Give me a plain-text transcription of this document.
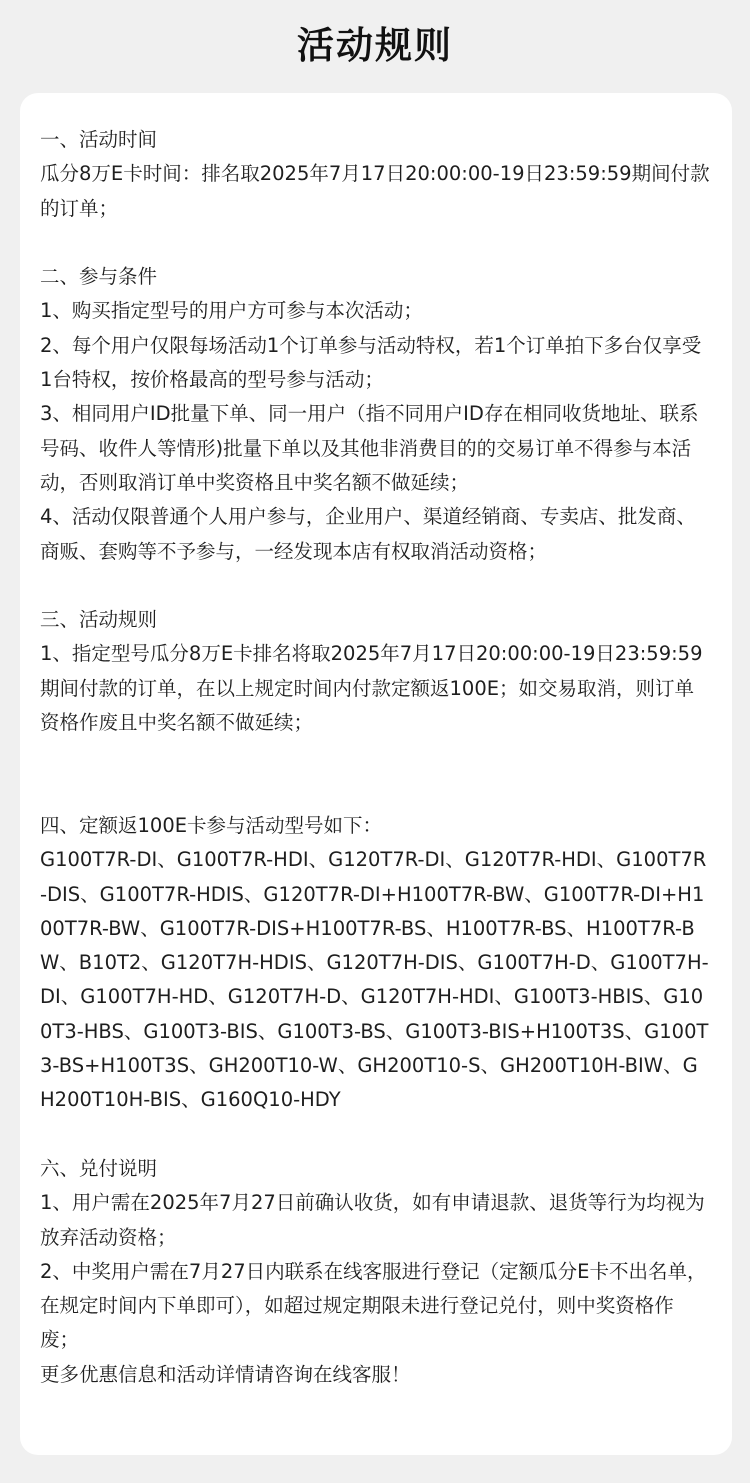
活动规则
一、活动时间
瓜分8万E卡时间：排名取2025年7月17日20:00:00-19日23:59:59期间付款的订单；
二、参与条件
1、购买指定型号的用户方可参与本次活动；
2、每个用户仅限每场活动1个订单参与活动特权，若1个订单拍下多台仅享受1台特权，按价格最高的型号参与活动；
3、相同用户ID批量下单、同一用户（指不同用户ID存在相同收货地址、联系号码、收件人等情形)批量下单以及其他非消费目的的交易订单不得参与本活动，否则取消订单中奖资格且中奖名额不做延续；
4、活动仅限普通个人用户参与，企业用户、渠道经销商、专卖店、批发商、商贩、套购等不予参与，一经发现本店有权取消活动资格；
三、活动规则
1、指定型号瓜分8万E卡排名将取2025年7月17日20:00:00-19日23:59:59期间付款的订单，在以上规定时间内付款定额返100E；如交易取消，则订单资格作废且中奖名额不做延续；
四、定额返100E卡参与活动型号如下：
G100T7R-DI、G100T7R-HDI、G120T7R-DI、G120T7R-HDI、G100T7R-DIS、G100T7R-HDIS、G120T7R-DI+H100T7R-BW、G100T7R-DI+H100T7R-BW、G100T7R-DIS+H100T7R-BS、H100T7R-BS、H100T7R-BW、B10T2、G120T7H-HDIS、G120T7H-DIS、G100T7H-D、G100T7H-DI、G100T7H-HD、G120T7H-D、G120T7H-HDI、G100T3-HBIS、G100T3-HBS、G100T3-BIS、G100T3-BS、G100T3-BIS+H100T3S、G100T3-BS+H100T3S、GH200T10-W、GH200T10-S、GH200T10H-BIW、GH200T10H-BIS、G160Q10-HDY
六、兑付说明
1、用户需在2025年7月27日前确认收货，如有申请退款、退货等行为均视为放弃活动资格；
2、中奖用户需在7月27日内联系在线客服进行登记（定额瓜分E卡不出名单，在规定时间内下单即可），如超过规定期限未进行登记兑付，则中奖资格作废；
更多优惠信息和活动详情请咨询在线客服！
